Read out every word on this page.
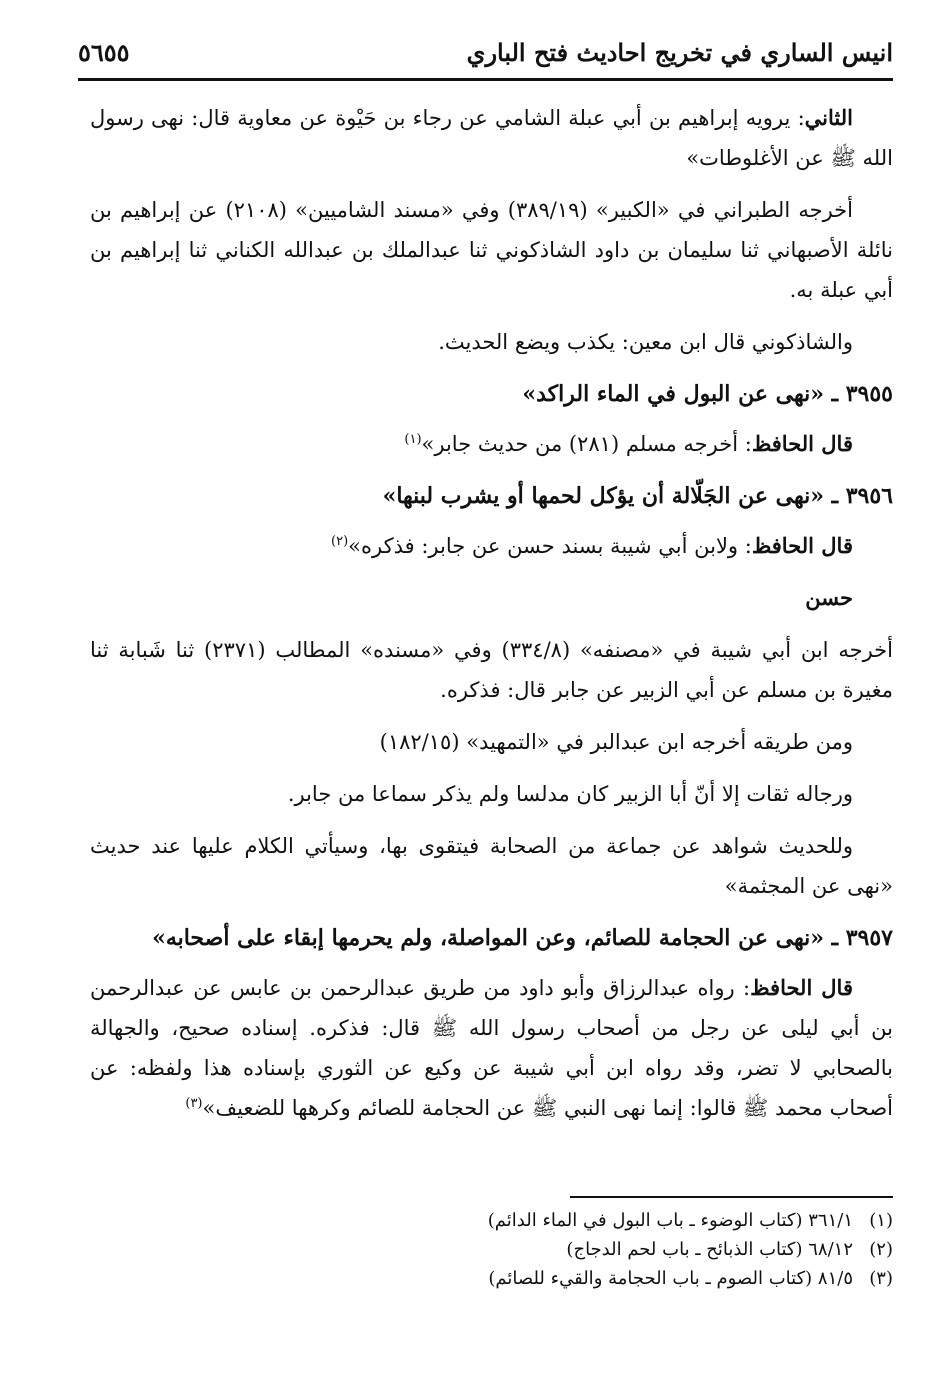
انيس الساري في تخريج احاديث فتح الباري
٥٦٥٥

الثاني: يرويه إبراهيم بن أبي عبلة الشامي عن رجاء بن حَيْوة عن معاوية قال: نهى رسول الله ﷺ عن الأغلوطات»

أخرجه الطبراني في «الكبير» (٣٨٩/١٩) وفي «مسند الشاميين» (٢١٠٨) عن إبراهيم بن نائلة الأصبهاني ثنا سليمان بن داود الشاذكوني ثنا عبدالملك بن عبدالله الكناني ثنا إبراهيم بن أبي عبلة به.

والشاذكوني قال ابن معين: يكذب ويضع الحديث.

٣٩٥٥ ـ «نهى عن البول في الماء الراكد»

قال الحافظ: أخرجه مسلم (٢٨١) من حديث جابر»$^{(١)}$

٣٩٥٦ ـ «نهى عن الجَلّالة أن يؤكل لحمها أو يشرب لبنها»

قال الحافظ: ولابن أبي شيبة بسند حسن عن جابر: فذكره»$^{(٢)}$

حسن

أخرجه ابن أبي شيبة في «مصنفه» (٣٣٤/٨) وفي «مسنده» المطالب (٢٣٧١) ثنا شَبابة ثنا مغيرة بن مسلم عن أبي الزبير عن جابر قال: فذكره.

ومن طريقه أخرجه ابن عبدالبر في «التمهيد» (١٨٢/١٥)

ورجاله ثقات إلا أنّ أبا الزبير كان مدلسا ولم يذكر سماعا من جابر.

وللحديث شواهد عن جماعة من الصحابة فيتقوى بها، وسيأتي الكلام عليها عند حديث «نهى عن المجثمة»

٣٩٥٧ ـ «نهى عن الحجامة للصائم، وعن المواصلة، ولم يحرمها إبقاء على أصحابه»

قال الحافظ: رواه عبدالرزاق وأبو داود من طريق عبدالرحمن بن عابس عن عبدالرحمن بن أبي ليلى عن رجل من أصحاب رسول الله ﷺ قال: فذكره. إسناده صحيح، والجهالة بالصحابي لا تضر، وقد رواه ابن أبي شيبة عن وكيع عن الثوري بإسناده هذا ولفظه: عن أصحاب محمد ﷺ قالوا: إنما نهى النبي ﷺ عن الحجامة للصائم وكرهها للضعيف»$^{(٣)}$

(١)٣٦١/١ (كتاب الوضوء ـ باب البول في الماء الدائم)
(٢)٦٨/١٢ (كتاب الذبائح ـ باب لحم الدجاج)
(٣)٨١/٥ (كتاب الصوم ـ باب الحجامة والقيء للصائم)
